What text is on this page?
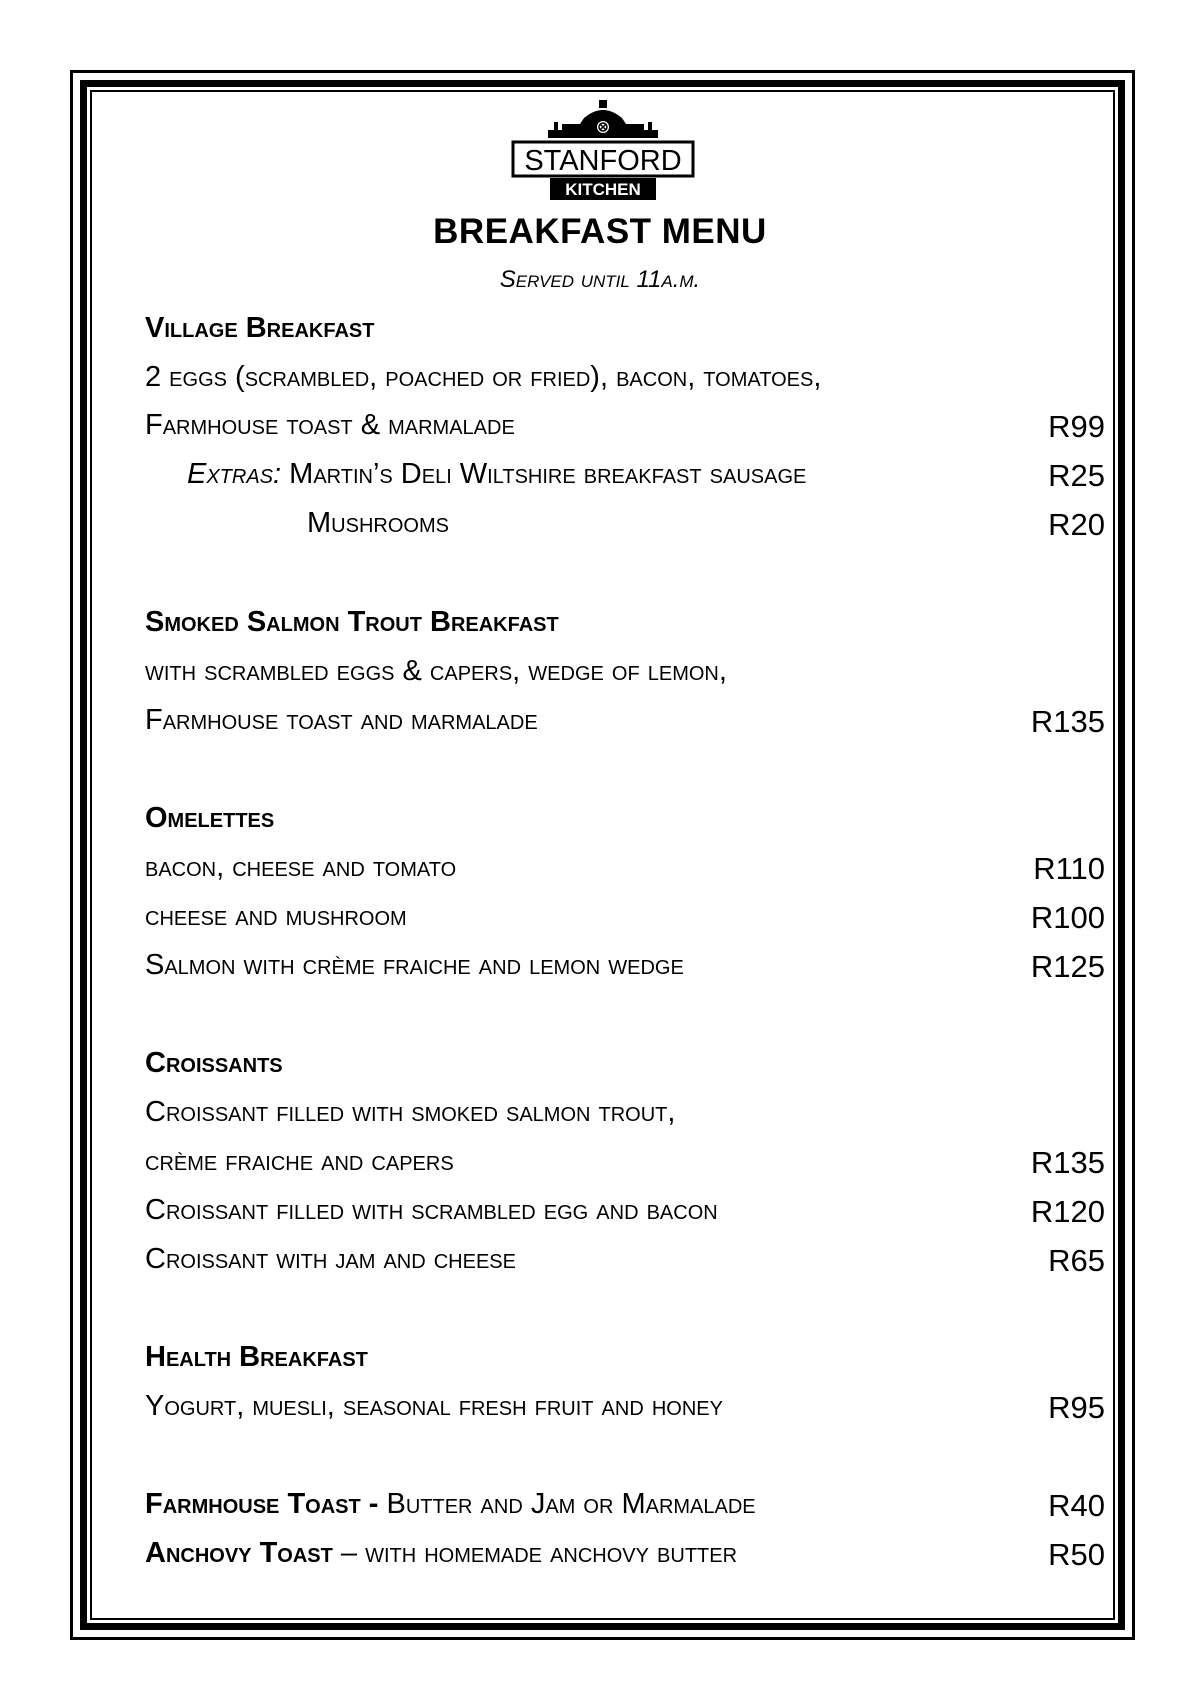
STANFORD
KITCHEN
BREAKFAST MENU
Served until 11a.m.
Village Breakfast
2 eggs (scrambled, poached or fried), bacon, tomatoes,
Farmhouse toast & marmalade	R99
Extras: Martin’s Deli Wiltshire breakfast sausage	R25
Mushrooms	R20
Smoked Salmon Trout Breakfast
with scrambled eggs & capers, wedge of lemon,
Farmhouse toast and marmalade	R135
Omelettes
bacon, cheese and tomato	R110
cheese and mushroom	R100
Salmon with crème fraiche and lemon wedge	R125
Croissants
Croissant filled with smoked salmon trout,
crème fraiche and capers	R135
Croissant filled with scrambled egg and bacon	R120
Croissant with jam and cheese	R65
Health Breakfast
Yogurt, muesli, seasonal fresh fruit and honey	R95
Farmhouse Toast - Butter and Jam or Marmalade	R40
Anchovy Toast – with homemade anchovy butter	R50
